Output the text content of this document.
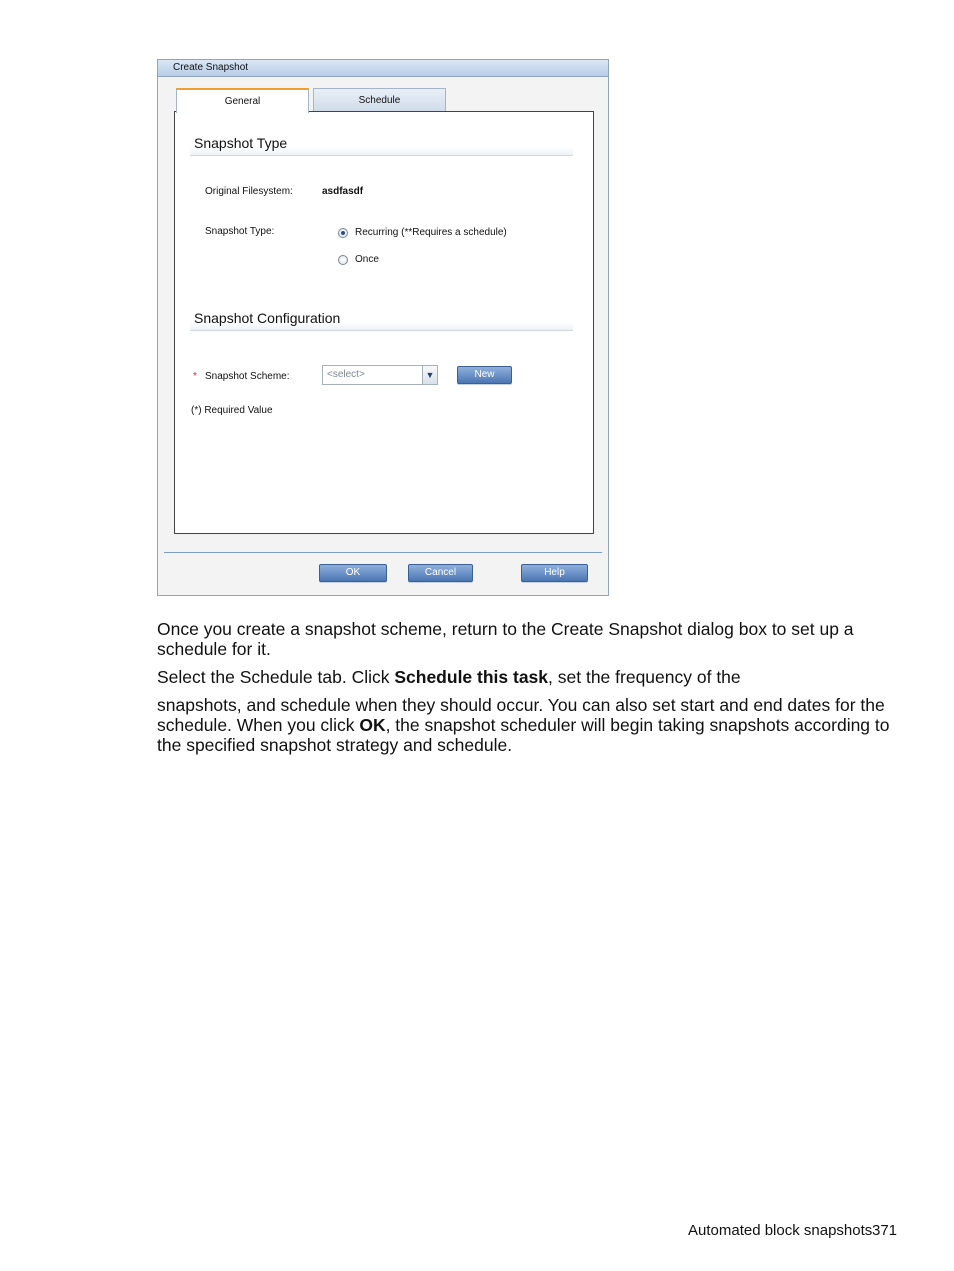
Create Snapshot
General	Schedule
Snapshot Type
Original Filesystem:	asdfasdf
Snapshot Type:	Recurring (**Requires a schedule)
Once
Snapshot Configuration
* Snapshot Scheme:	<select>	▼	New
(*) Required Value
OK	Cancel	Help

Once you create a snapshot scheme, return to the Create Snapshot dialog box to set up a schedule for it.

Select the Schedule tab. Click Schedule this task, set the frequency of the

snapshots, and schedule when they should occur. You can also set start and end dates for the schedule. When you click OK, the snapshot scheduler will begin taking snapshots according to the specified snapshot strategy and schedule.

Automated block snapshots 371
